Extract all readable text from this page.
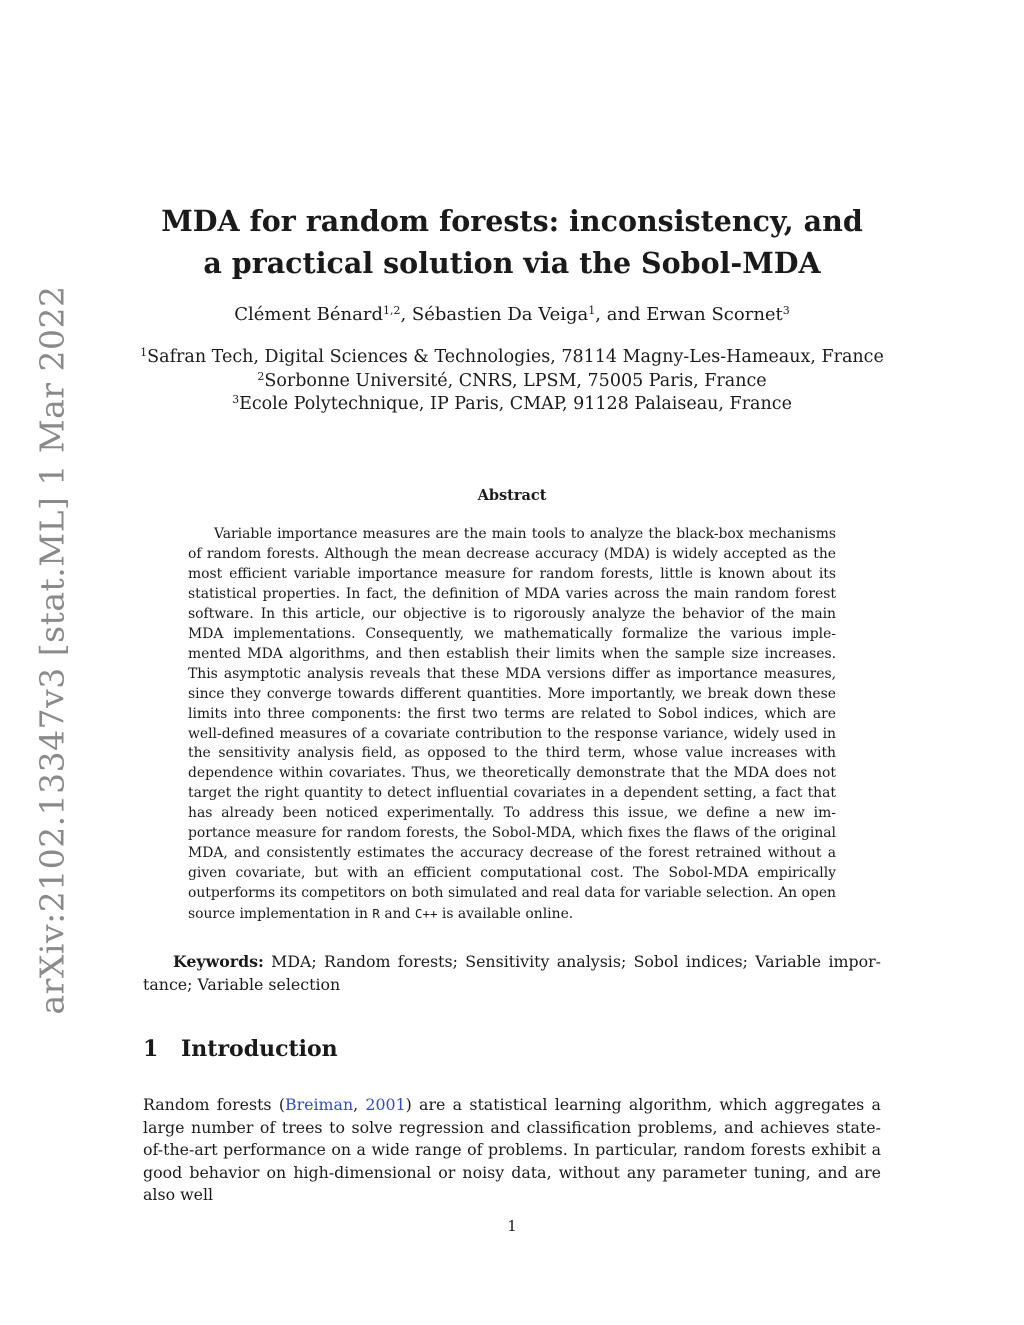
arXiv:2102.13347v3 [stat.ML] 1 Mar 2022
MDA for random forests: inconsistency, and a practical solution via the Sobol-MDA
Clément Bénard$^{1,2}$, Sébastien Da Veiga$^1$, and Erwan Scornet$^3$
$^1$Safran Tech, Digital Sciences & Technologies, 78114 Magny-Les-Hameaux, France
$^2$Sorbonne Université, CNRS, LPSM, 75005 Paris, France
$^3$Ecole Polytechnique, IP Paris, CMAP, 91128 Palaiseau, France
Abstract

Variable importance measures are the main tools to analyze the black-box mechanisms of random forests. Although the mean decrease accuracy (MDA) is widely accepted as the most efficient variable importance measure for random forests, little is known about its statistical properties. In fact, the definition of MDA varies across the main random forest software. In this article, our objective is to rigorously analyze the behavior of the main MDA implementations. Consequently, we mathematically formalize the various implemented MDA algorithms, and then establish their limits when the sample size increases. This asymptotic analysis reveals that these MDA versions differ as importance measures, since they converge towards different quantities. More importantly, we break down these limits into three components: the first two terms are related to Sobol indices, which are well-defined measures of a covariate contribution to the response variance, widely used in the sensitivity analysis field, as opposed to the third term, whose value increases with dependence within covariates. Thus, we theoretically demonstrate that the MDA does not target the right quantity to detect influential covariates in a dependent setting, a fact that has already been noticed experimentally. To address this issue, we define a new importance measure for random forests, the Sobol-MDA, which fixes the flaws of the original MDA, and consistently estimates the accuracy decrease of the forest retrained without a given covariate, but with an efficient computational cost. The Sobol-MDA empirically outperforms its competitors on both simulated and real data for variable selection. An open source implementation in R and C++ is available online.

Keywords: MDA; Random forests; Sensitivity analysis; Sobol indices; Variable importance; Variable selection

1 Introduction

Random forests (Breiman, 2001) are a statistical learning algorithm, which aggregates a large number of trees to solve regression and classification problems, and achieves state-of-the-art performance on a wide range of problems. In particular, random forests exhibit a good behavior on high-dimensional or noisy data, without any parameter tuning, and are also well

1
